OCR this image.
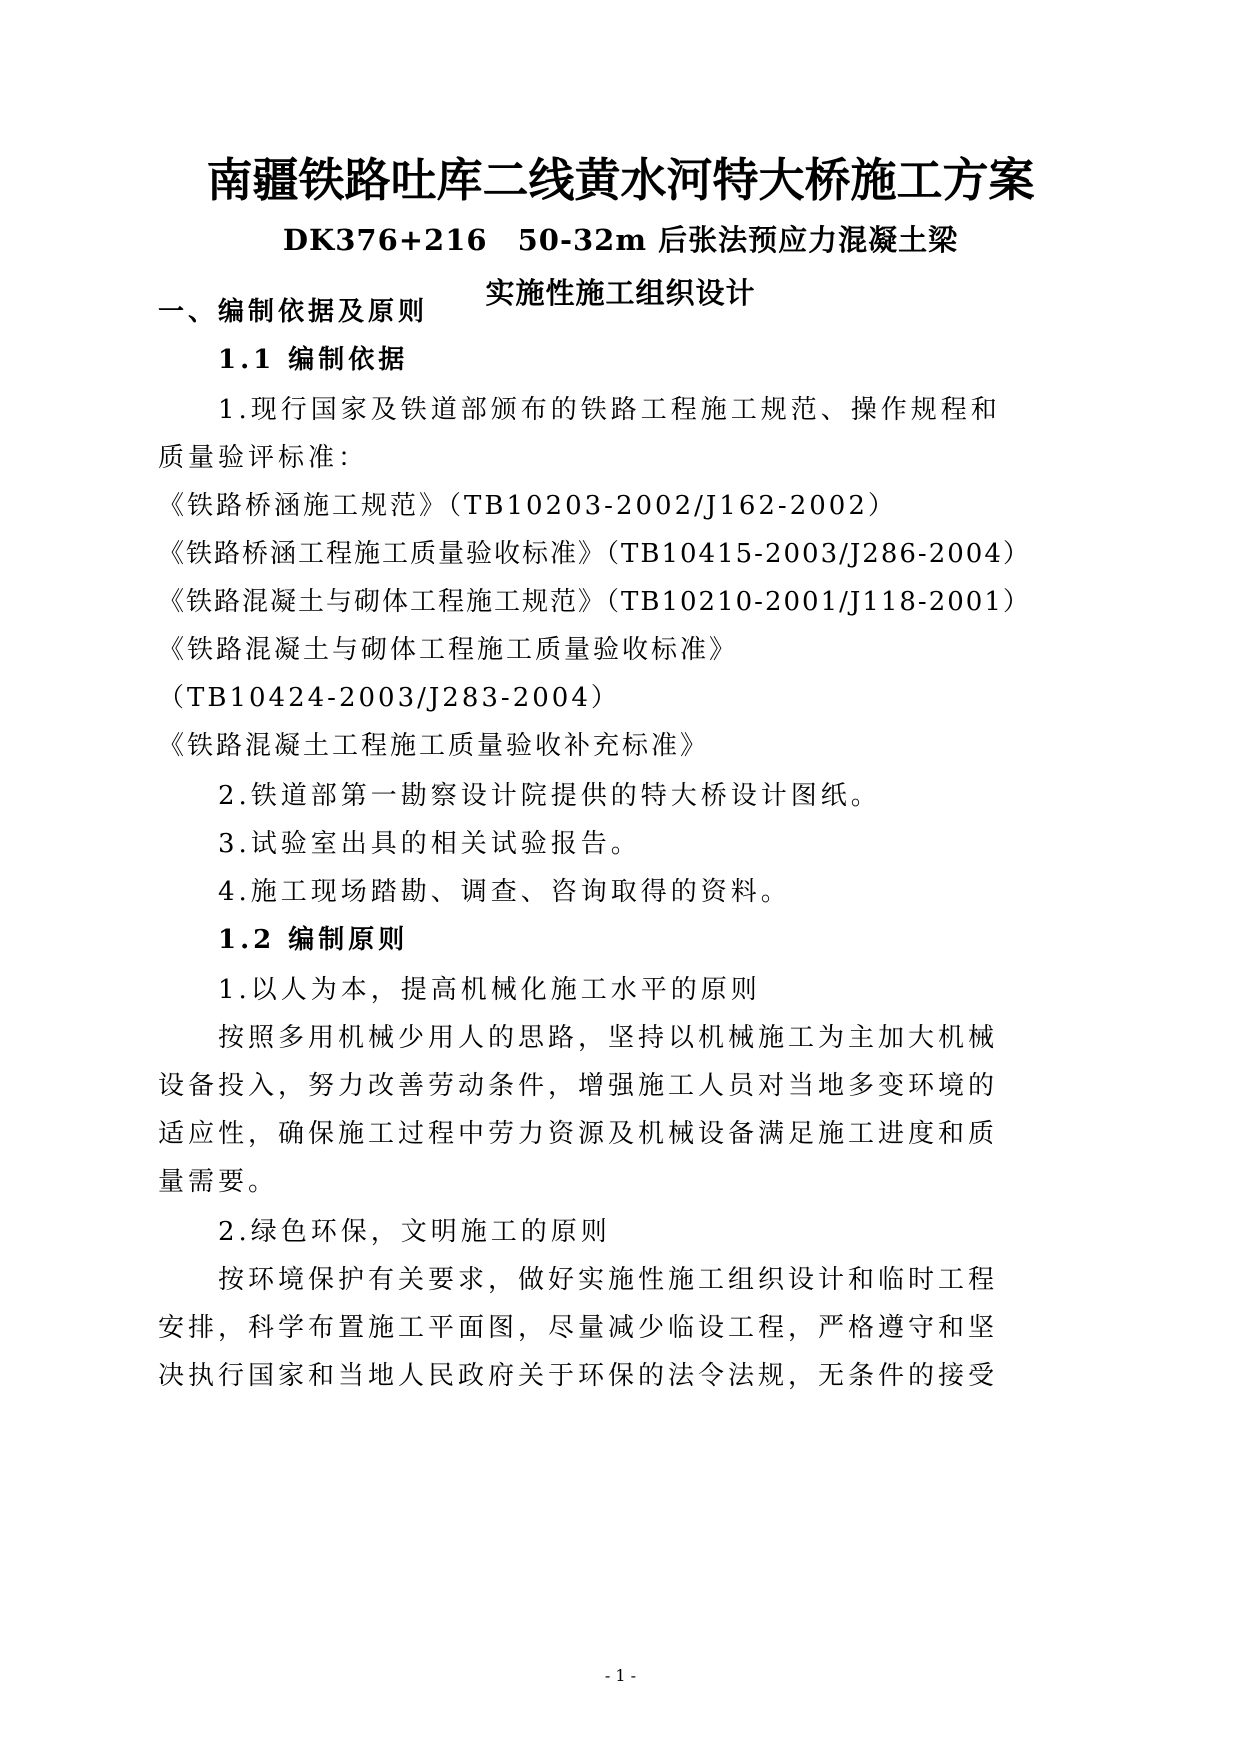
南疆铁路吐库二线黄水河特大桥施工方案
DK376+216　50-32m 后张法预应力混凝土梁
实施性施工组织设计
一、编制依据及原则
1.1 编制依据
1.现行国家及铁道部颁布的铁路工程施工规范、操作规程和
质量验评标准：
《铁路桥涵施工规范》（TB10203-2002/J162-2002）
《铁路桥涵工程施工质量验收标准》（TB10415-2003/J286-2004）
《铁路混凝土与砌体工程施工规范》（TB10210-2001/J118-2001）
《铁路混凝土与砌体工程施工质量验收标准》
（TB10424-2003/J283-2004）
《铁路混凝土工程施工质量验收补充标准》
2.铁道部第一勘察设计院提供的特大桥设计图纸。
3.试验室出具的相关试验报告。
4.施工现场踏勘、调查、咨询取得的资料。
1.2 编制原则
1.以人为本，提高机械化施工水平的原则
按照多用机械少用人的思路，坚持以机械施工为主加大机械
设备投入，努力改善劳动条件，增强施工人员对当地多变环境的
适应性，确保施工过程中劳力资源及机械设备满足施工进度和质
量需要。
2.绿色环保，文明施工的原则
按环境保护有关要求，做好实施性施工组织设计和临时工程
安排，科学布置施工平面图，尽量减少临设工程，严格遵守和坚
决执行国家和当地人民政府关于环保的法令法规，无条件的接受
- 1 -
